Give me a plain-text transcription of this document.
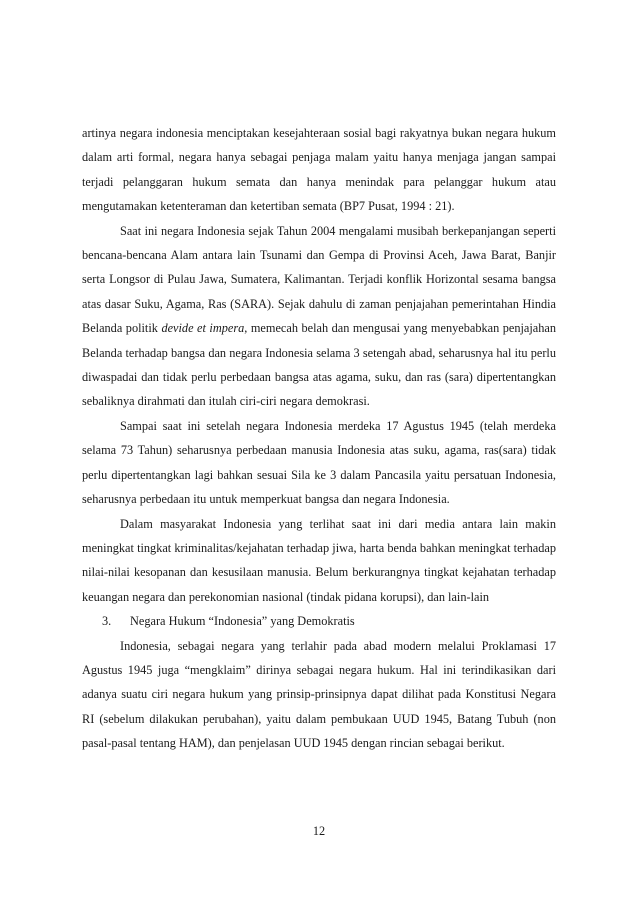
artinya negara indonesia menciptakan kesejahteraan sosial bagi rakyatnya bukan negara hukum dalam arti formal, negara hanya sebagai penjaga malam yaitu hanya menjaga jangan sampai terjadi pelanggaran hukum semata dan hanya menindak para pelanggar hukum atau mengutamakan ketenteraman dan ketertiban semata (BP7 Pusat, 1994 : 21).

Saat ini negara Indonesia sejak Tahun 2004 mengalami musibah berkepanjangan seperti bencana-bencana Alam antara lain Tsunami dan Gempa di Provinsi Aceh, Jawa Barat, Banjir serta Longsor di Pulau Jawa, Sumatera, Kalimantan. Terjadi konflik Horizontal sesama bangsa atas dasar Suku, Agama, Ras (SARA). Sejak dahulu di zaman penjajahan pemerintahan Hindia Belanda politik devide et impera, memecah belah dan mengusai yang menyebabkan penjajahan Belanda terhadap bangsa dan negara Indonesia selama 3 setengah abad, seharusnya hal itu perlu diwaspadai dan tidak perlu perbedaan bangsa atas agama, suku, dan ras (sara) dipertentangkan sebaliknya dirahmati dan itulah ciri-ciri negara demokrasi.

Sampai saat ini setelah negara Indonesia merdeka 17 Agustus 1945 (telah merdeka selama 73 Tahun) seharusnya perbedaan manusia Indonesia atas suku, agama, ras(sara) tidak perlu dipertentangkan lagi bahkan sesuai Sila ke 3 dalam Pancasila yaitu persatuan Indonesia, seharusnya perbedaan itu untuk memperkuat bangsa dan negara Indonesia.

Dalam masyarakat Indonesia yang terlihat saat ini dari media antara lain makin meningkat tingkat kriminalitas/kejahatan terhadap jiwa, harta benda bahkan meningkat terhadap nilai-nilai kesopanan dan kesusilaan manusia. Belum berkurangnya tingkat kejahatan terhadap keuangan negara dan perekonomian nasional (tindak pidana korupsi), dan lain-lain

3.	Negara Hukum “Indonesia” yang Demokratis

Indonesia, sebagai negara yang terlahir pada abad modern melalui Proklamasi 17 Agustus 1945 juga “mengklaim” dirinya sebagai negara hukum. Hal ini terindikasikan dari adanya suatu ciri negara hukum yang prinsip-prinsipnya dapat dilihat pada Konstitusi Negara RI (sebelum dilakukan perubahan), yaitu dalam pembukaan UUD 1945, Batang Tubuh (non pasal-pasal tentang HAM), dan penjelasan UUD 1945 dengan rincian sebagai berikut.

12
